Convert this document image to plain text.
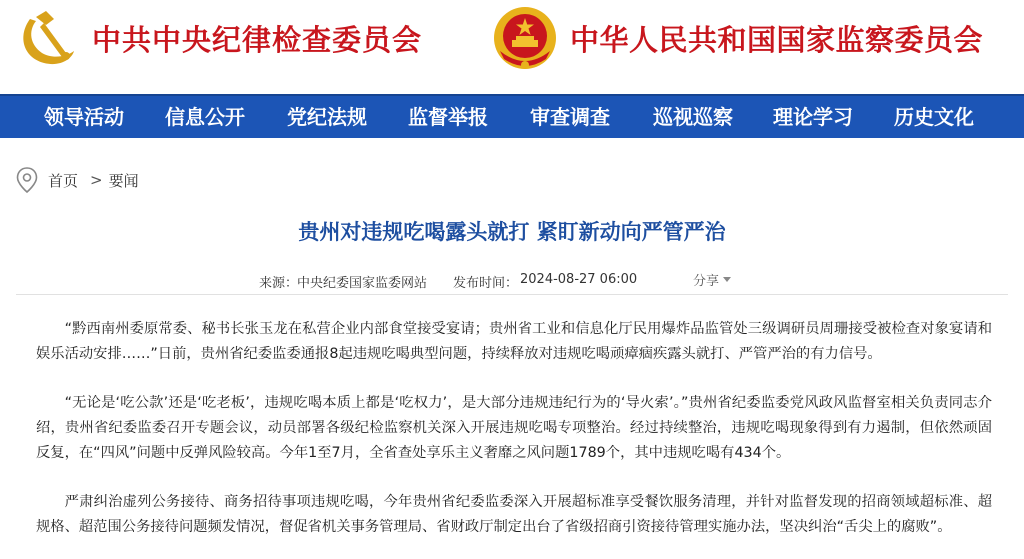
中共中央纪律检查委员会	中华人民共和国国家监察委员会
领导活动 信息公开 党纪法规 监督举报 审查调查 巡视巡察 理论学习 历史文化
首页 > 要闻
贵州对违规吃喝露头就打 紧盯新动向严管严治
来源：
中央纪委国家监委网站 发布时间： 2024-08-27 06:00	分享

“黔西南州委原常委、秘书长张玉龙在私营企业内部食堂接受宴请；贵州省工业和信息化厅民用爆炸品监管处三级调研员周珊接受被检查对象宴请和娱乐活动安排……”日前，贵州省纪委监委通报8起违规吃喝典型问题，持续释放对违规吃喝顽瘴痼疾露头就打、严管严治的有力信号。

“无论是‘吃公款’还是‘吃老板’，违规吃喝本质上都是‘吃权力’，是大部分违规违纪行为的‘导火索’。”贵州省纪委监委党风政风监督室相关负责同志介绍，贵州省纪委监委召开专题会议，动员部署各级纪检监察机关深入开展违规吃喝专项整治。经过持续整治，违规吃喝现象得到有力遏制，但依然顽固反复，在“四风”问题中反弹风险较高。今年1至7月，全省查处享乐主义奢靡之风问题1789个，其中违规吃喝有434个。

严肃纠治虚列公务接待、商务招待事项违规吃喝，今年贵州省纪委监委深入开展超标准享受餐饮服务清理，并针对监督发现的招商领域超标准、超规格、超范围公务接待问题频发情况，督促省机关事务管理局、省财政厅制定出台了省级招商引资接待管理实施办法，坚决纠治“舌尖上的腐败”。
